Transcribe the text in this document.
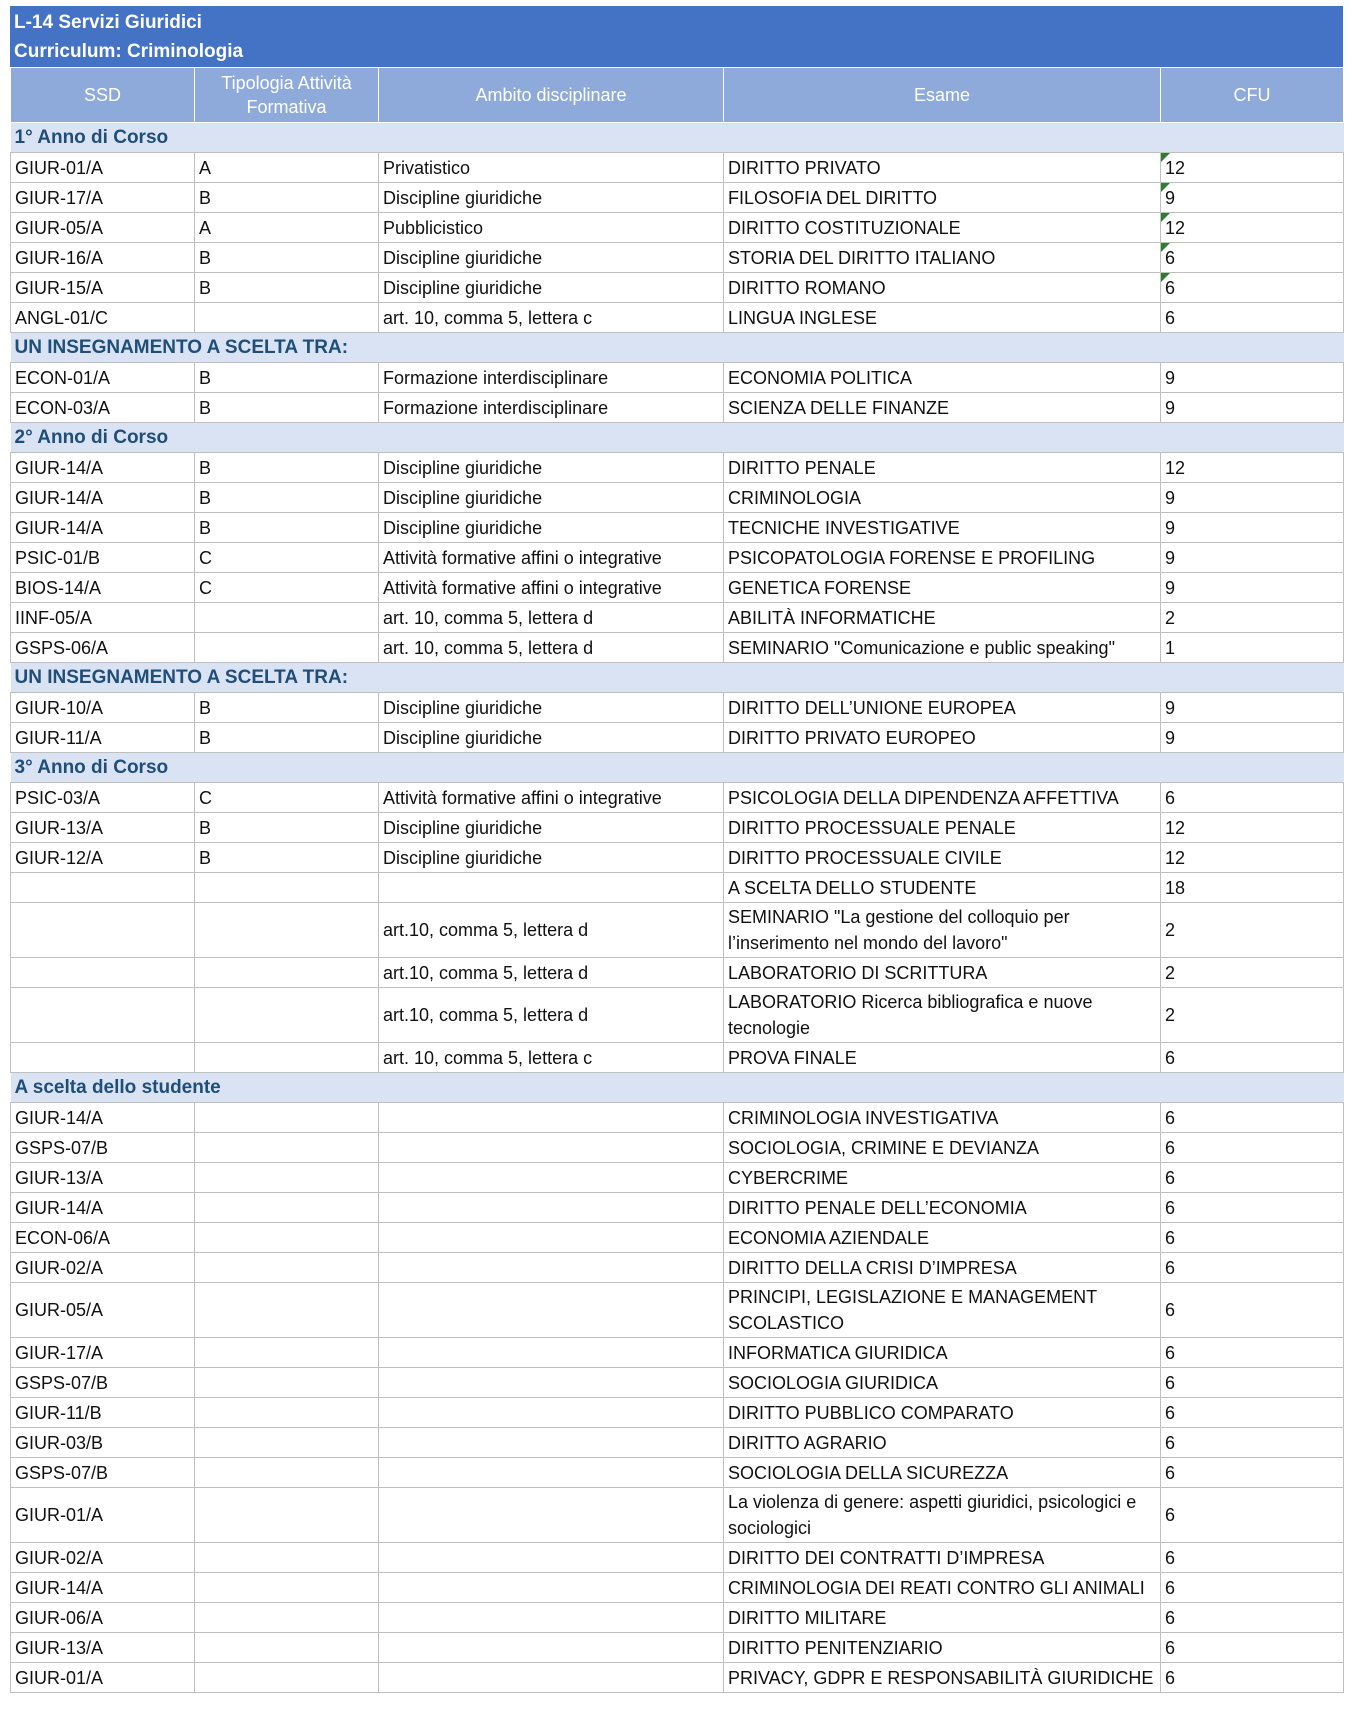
L-14 Servizi Giuridici
Curriculum: Criminologia
SSD	Tipologia Attività Formativa	Ambito disciplinare	Esame	CFU
1° Anno di Corso				
GIUR-01/A	A	Privatistico	DIRITTO PRIVATO	12
GIUR-17/A	B	Discipline giuridiche	FILOSOFIA DEL DIRITTO	9
GIUR-05/A	A	Pubblicistico	DIRITTO COSTITUZIONALE	12
GIUR-16/A	B	Discipline giuridiche	STORIA DEL DIRITTO ITALIANO	6
GIUR-15/A	B	Discipline giuridiche	DIRITTO ROMANO	6
ANGL-01/C		art. 10, comma 5, lettera c	LINGUA INGLESE	6
UN INSEGNAMENTO A SCELTA TRA:				
ECON-01/A	B	Formazione interdisciplinare	ECONOMIA POLITICA	9
ECON-03/A	B	Formazione interdisciplinare	SCIENZA DELLE FINANZE	9
2° Anno di Corso				
GIUR-14/A	B	Discipline giuridiche	DIRITTO PENALE	12
GIUR-14/A	B	Discipline giuridiche	CRIMINOLOGIA	9
GIUR-14/A	B	Discipline giuridiche	TECNICHE INVESTIGATIVE	9
PSIC-01/B	C	Attività formative affini o integrative	PSICOPATOLOGIA FORENSE E PROFILING	9
BIOS-14/A	C	Attività formative affini o integrative	GENETICA FORENSE	9
IINF-05/A		art. 10, comma 5, lettera d	ABILITÀ INFORMATICHE	2
GSPS-06/A		art. 10, comma 5, lettera d	SEMINARIO "Comunicazione e public speaking"	1
UN INSEGNAMENTO A SCELTA TRA:				
GIUR-10/A	B	Discipline giuridiche	DIRITTO DELL’UNIONE EUROPEA	9
GIUR-11/A	B	Discipline giuridiche	DIRITTO PRIVATO EUROPEO	9
3° Anno di Corso				
PSIC-03/A	C	Attività formative affini o integrative	PSICOLOGIA DELLA DIPENDENZA AFFETTIVA	6
GIUR-13/A	B	Discipline giuridiche	DIRITTO PROCESSUALE PENALE	12
GIUR-12/A	B	Discipline giuridiche	DIRITTO PROCESSUALE CIVILE	12
			A SCELTA DELLO STUDENTE	18
		art.10, comma 5, lettera d	SEMINARIO "La gestione del colloquio per l’inserimento nel mondo del lavoro"	2
		art.10, comma 5, lettera d	LABORATORIO DI SCRITTURA	2
		art.10, comma 5, lettera d	LABORATORIO Ricerca bibliografica e nuove tecnologie	2
		art. 10, comma 5, lettera c	PROVA FINALE	6
A scelta dello studente				
GIUR-14/A			CRIMINOLOGIA INVESTIGATIVA	6
GSPS-07/B			SOCIOLOGIA, CRIMINE E DEVIANZA	6
GIUR-13/A			CYBERCRIME	6
GIUR-14/A			DIRITTO PENALE DELL’ECONOMIA	6
ECON-06/A			ECONOMIA AZIENDALE	6
GIUR-02/A			DIRITTO DELLA CRISI D’IMPRESA	6
GIUR-05/A			PRINCIPI, LEGISLAZIONE E MANAGEMENT SCOLASTICO	6
GIUR-17/A			INFORMATICA GIURIDICA	6
GSPS-07/B			SOCIOLOGIA GIURIDICA	6
GIUR-11/B			DIRITTO PUBBLICO COMPARATO	6
GIUR-03/B			DIRITTO AGRARIO	6
GSPS-07/B			SOCIOLOGIA DELLA SICUREZZA	6
GIUR-01/A			La violenza di genere: aspetti giuridici, psicologici e sociologici	6
GIUR-02/A			DIRITTO DEI CONTRATTI D’IMPRESA	6
GIUR-14/A			CRIMINOLOGIA DEI REATI CONTRO GLI ANIMALI	6
GIUR-06/A			DIRITTO MILITARE	6
GIUR-13/A			DIRITTO PENITENZIARIO	6
GIUR-01/A			PRIVACY, GDPR E RESPONSABILITÀ GIURIDICHE	6
